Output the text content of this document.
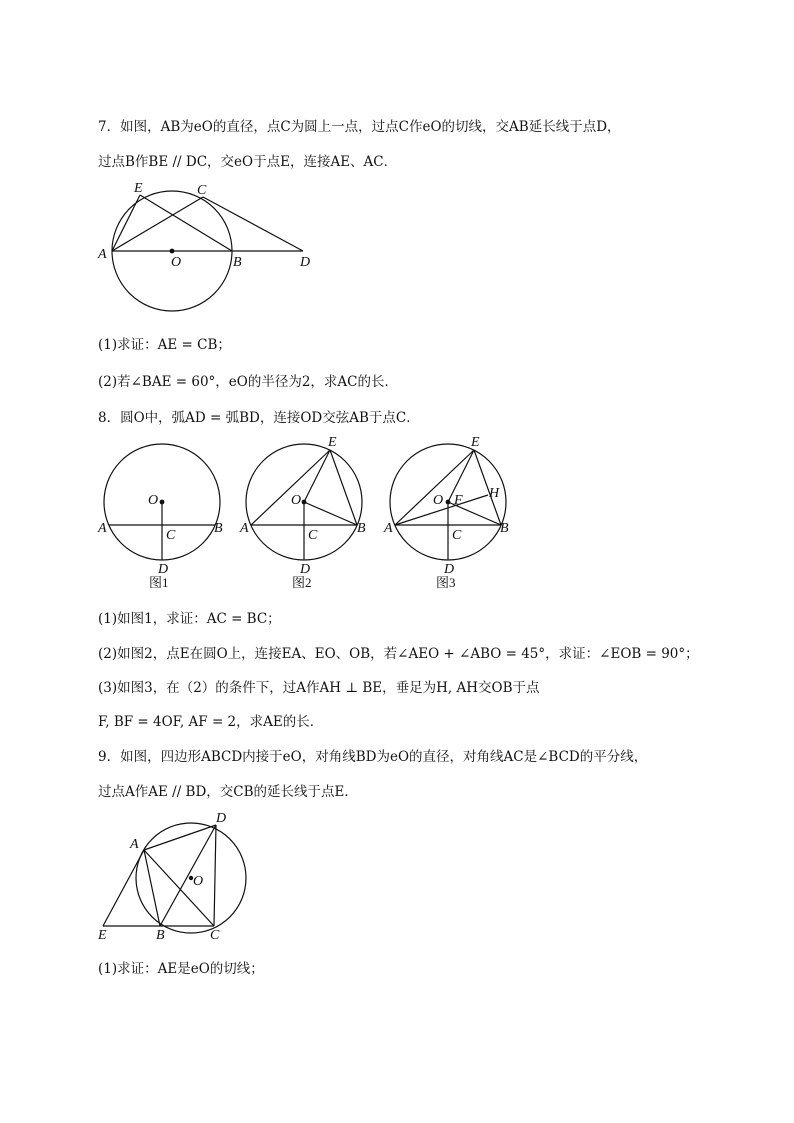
7．如图，AB为eO的直径，点C为圆上一点，过点C作eO的切线，交AB延长线于点D，
过点B作BE // DC，交eO于点E，连接AE、AC．
E	C
A
O	B	D
(1)求证：AE = CB；
(2)若∠BAE = 60°，eO的半径为2，求AC的长．
8．圆O中，弧AD = 弧BD，连接OD交弦AB于点C．
O
A	B
C
D
图1
E
O
A	B
C
D
图2
E
O F H
A	B
C
D
图3
(1)如图1，求证：AC = BC；
(2)如图2，点E在圆O上，连接EA、EO、OB，若∠AEO + ∠ABO = 45°，求证：∠EOB = 90°；
(3)如图3，在（2）的条件下，过A作AH ⊥ BE，垂足为H, AH交OB于点
F, BF = 4OF, AF = 2，求AE的长．
9．如图，四边形ABCD内接于eO，对角线BD为eO的直径，对角线AC是∠BCD的平分线，
过点A作AE // BD，交CB的延长线于点E．
D
A
O
E	B	C
(1)求证：AE是eO的切线；
